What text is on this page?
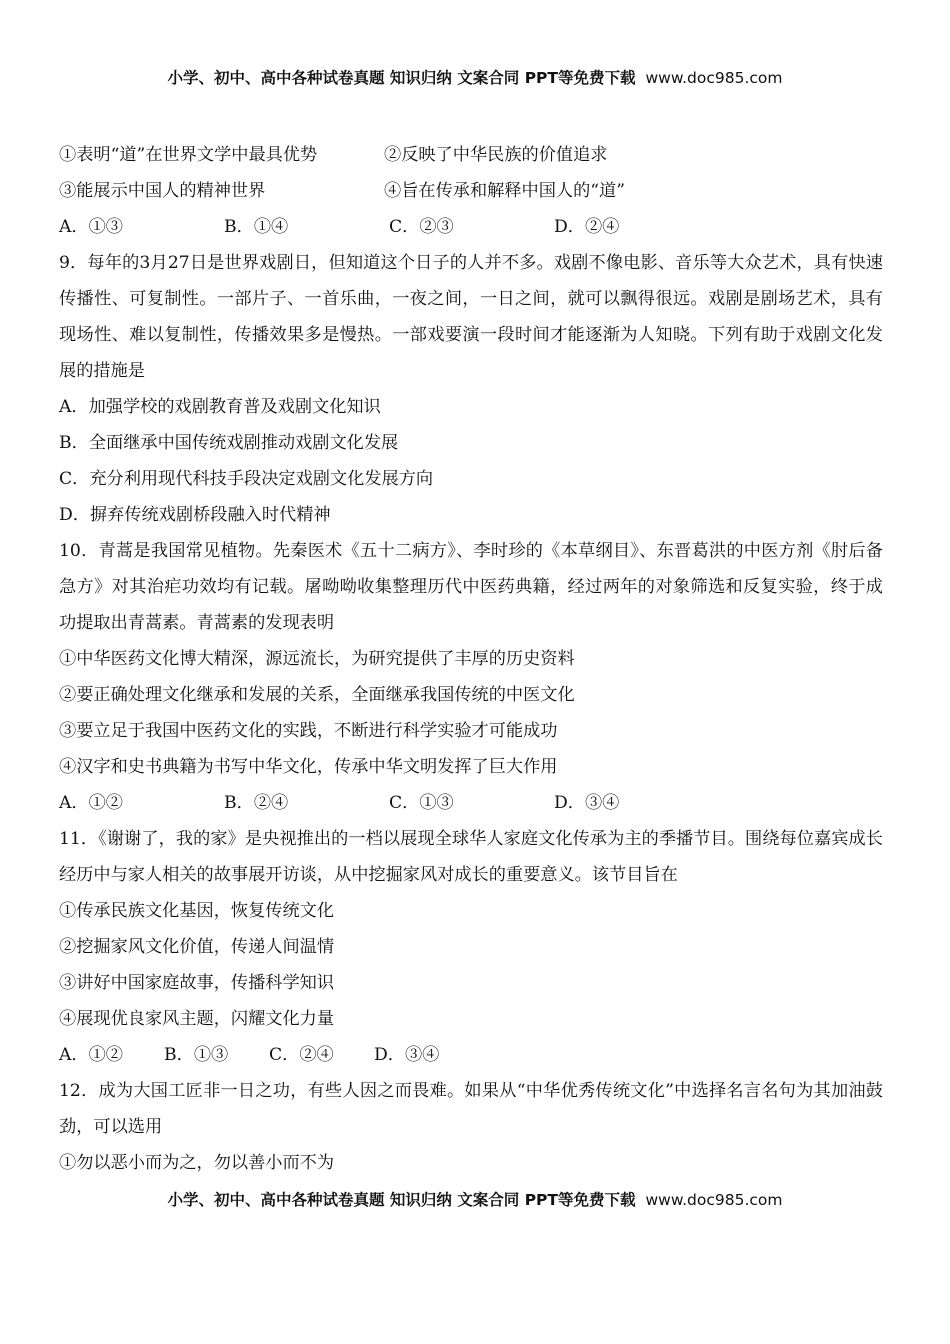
小学、初中、高中各种试卷真题 知识归纳 文案合同 PPT等免费下载 www.doc985.com
①表明“道”在世界文学中最具优势	②反映了中华民族的价值追求
③能展示中国人的精神世界	④旨在传承和解释中国人的“道”
A．①③	B．①④	C．②③	D．②④
9．每年的3月27日是世界戏剧日，但知道这个日子的人并不多。戏剧不像电影、音乐等大众艺术，具有快速传播性、可复制性。一部片子、一首乐曲，一夜之间，一日之间，就可以飘得很远。戏剧是剧场艺术，具有现场性、难以复制性，传播效果多是慢热。一部戏要演一段时间才能逐渐为人知晓。下列有助于戏剧文化发展的措施是
A．加强学校的戏剧教育普及戏剧文化知识
B．全面继承中国传统戏剧推动戏剧文化发展
C．充分利用现代科技手段决定戏剧文化发展方向
D．摒弃传统戏剧桥段融入时代精神
10．青蒿是我国常见植物。先秦医术《五十二病方》、李时珍的《本草纲目》、东晋葛洪的中医方剂《肘后备急方》对其治疟功效均有记载。屠呦呦收集整理历代中医药典籍，经过两年的对象筛选和反复实验，终于成功提取出青蒿素。青蒿素的发现表明
①中华医药文化博大精深，源远流长，为研究提供了丰厚的历史资料
②要正确处理文化继承和发展的关系，全面继承我国传统的中医文化
③要立足于我国中医药文化的实践，不断进行科学实验才可能成功
④汉字和史书典籍为书写中华文化，传承中华文明发挥了巨大作用
A．①②	B．②④	C．①③	D．③④
11．《谢谢了，我的家》是央视推出的一档以展现全球华人家庭文化传承为主的季播节目。围绕每位嘉宾成长经历中与家人相关的故事展开访谈，从中挖掘家风对成长的重要意义。该节目旨在
①传承民族文化基因，恢复传统文化
②挖掘家风文化价值，传递人间温情
③讲好中国家庭故事，传播科学知识
④展现优良家风主题，闪耀文化力量
A．①② B．①③ C．②④ D．③④
12．成为大国工匠非一日之功，有些人因之而畏难。如果从“中华优秀传统文化”中选择名言名句为其加油鼓劲，可以选用
①勿以恶小而为之，勿以善小而不为
小学、初中、高中各种试卷真题 知识归纳 文案合同 PPT等免费下载 www.doc985.com
